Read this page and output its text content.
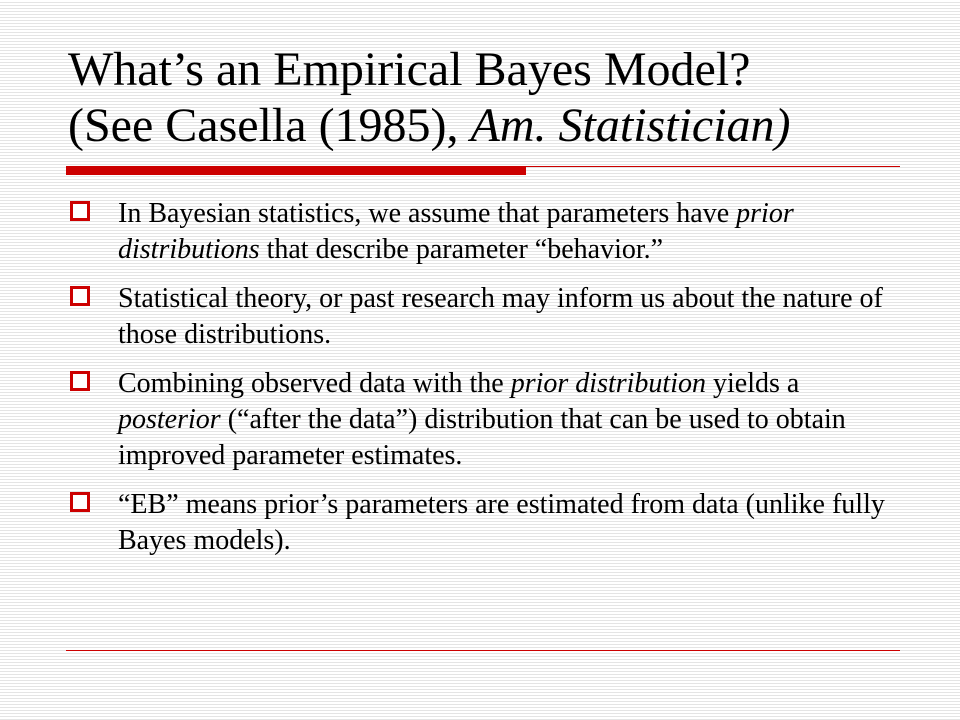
What’s an Empirical Bayes Model?
(See Casella (1985), Am. Statistician)
In Bayesian statistics, we assume that parameters have prior distributions that describe parameter “behavior.”
Statistical theory, or past research may inform us about the nature of those distributions.
Combining observed data with the prior distribution yields a posterior (“after the data”) distribution that can be used to obtain improved parameter estimates.
“EB” means prior’s parameters are estimated from data (unlike fully Bayes models).
